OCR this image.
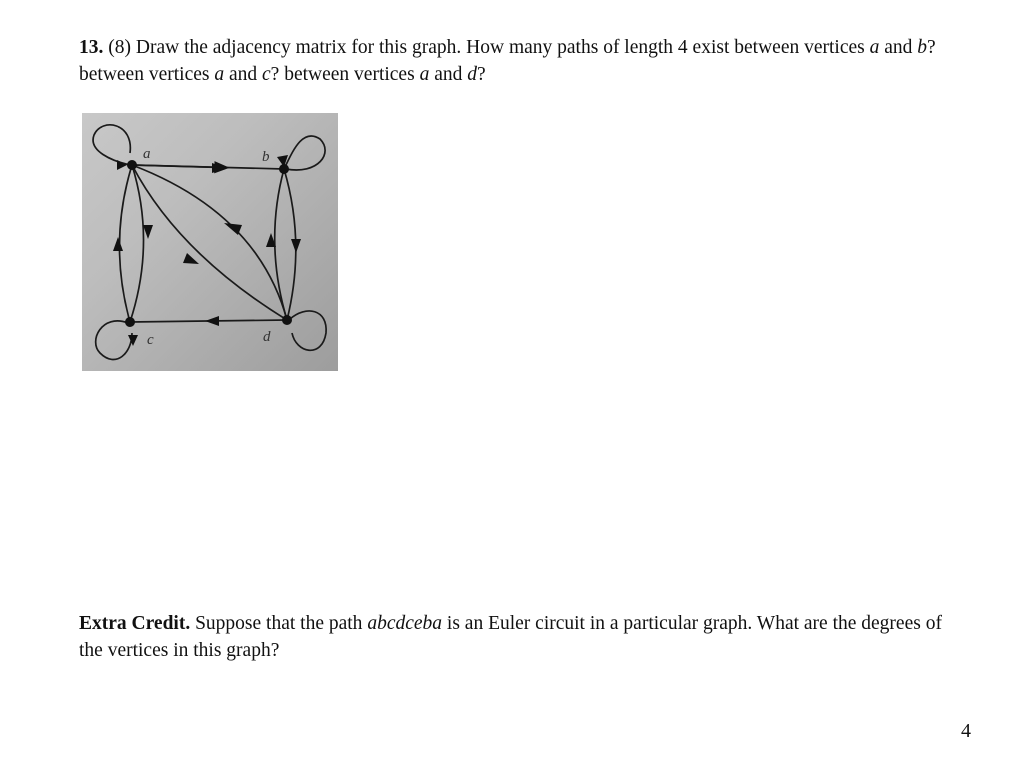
13. (8) Draw the adjacency matrix for this graph. How many paths of length 4 exist between vertices a and b? between vertices a and c? between vertices a and d?
a	b
c	d
Extra Credit. Suppose that the path abcdceba is an Euler circuit in a particular graph. What are the degrees of the vertices in this graph?
4
